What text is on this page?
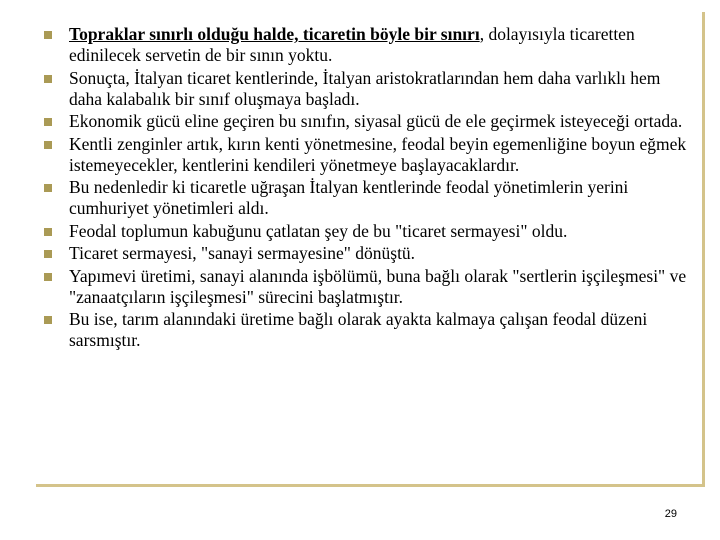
Topraklar sınırlı olduğu halde, ticaretin böyle bir sınırı, dolayısıyla ticaretten edinilecek servetin de bir sının yoktu.
Sonuçta, İtalyan ticaret kentlerinde, İtalyan aristokratlarından hem daha varlıklı hem daha kalabalık bir sınıf oluşmaya başladı.
Ekonomik gücü eline geçiren bu sınıfın, siyasal gücü de ele geçirmek isteyeceği ortada.
Kentli zenginler artık, kırın kenti yönetmesine, feodal beyin egemenliğine boyun eğmek istemeyecekler, kentlerini kendileri yönetmeye başlayacaklardır.
Bu nedenledir ki ticaretle uğraşan İtalyan kentlerinde feodal yönetimlerin yerini cumhuriyet yönetimleri aldı.
Feodal toplumun kabuğunu çatlatan şey de bu "ticaret sermayesi" oldu.
Ticaret sermayesi, "sanayi sermayesine" dönüştü.
Yapımevi üretimi, sanayi alanında işbölümü, buna bağlı olarak "sertlerin işçileşmesi" ve "zanaatçıların işçileşmesi" sürecini başlatmıştır.
Bu ise, tarım alanındaki üretime bağlı olarak ayakta kalmaya çalışan feodal düzeni sarsmıştır.
29
